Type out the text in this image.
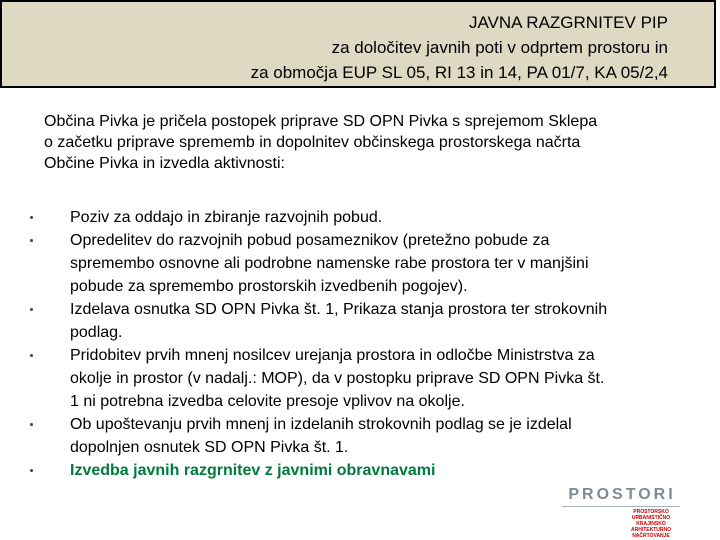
JAVNA RAZGRNITEV PIP
za določitev javnih poti v odprtem prostoru in
za območja EUP SL 05, RI 13 in 14, PA 01/7, KA 05/2,4
Občina Pivka je pričela postopek priprave SD OPN Pivka s sprejemom Sklepa
o začetku priprave sprememb in dopolnitev občinskega prostorskega načrta
Občine Pivka in izvedla aktivnosti:
Poziv za oddajo in zbiranje razvojnih pobud.
Opredelitev do razvojnih pobud posameznikov (pretežno pobude za
spremembo osnovne ali podrobne namenske rabe prostora ter v manjšini
pobude za spremembo prostorskih izvedbenih pogojev).
Izdelava osnutka SD OPN Pivka št. 1, Prikaza stanja prostora ter strokovnih
podlag.
Pridobitev prvih mnenj nosilcev urejanja prostora in odločbe Ministrstva za
okolje in prostor (v nadalj.: MOP), da v postopku priprave SD OPN Pivka št.
1 ni potrebna izvedba celovite presoje vplivov na okolje.
Ob upoštevanju prvih mnenj in izdelanih strokovnih podlag se je izdelal
dopolnjen osnutek SD OPN Pivka št. 1.
Izvedba javnih razgrnitev z javnimi obravnavami
PROSTORI
PROSTORSKO
URBANISTIČNO
KRAJINSKO
ARHITEKTURNO
NAČRTOVANJE
